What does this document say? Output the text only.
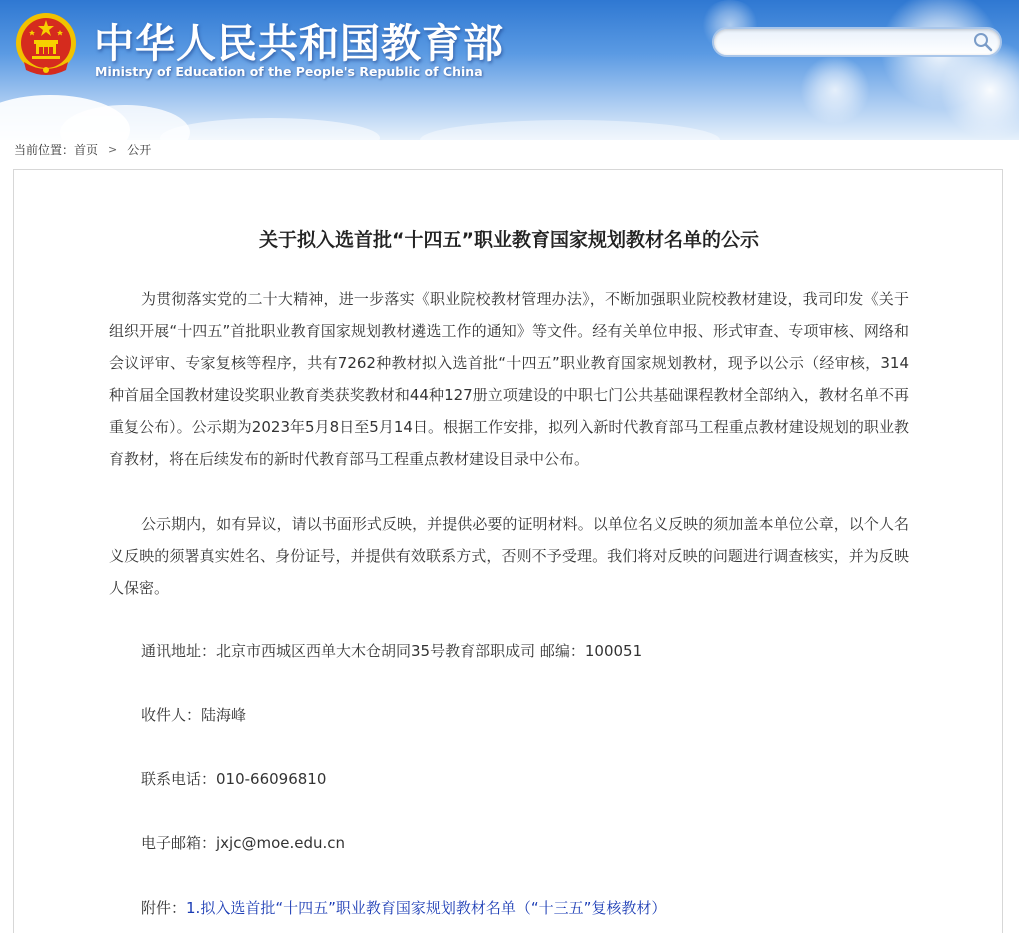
中华人民共和国教育部
Ministry of Education of the People's Republic of China
当前位置： 首页 > 公开
关于拟入选首批“十四五”职业教育国家规划教材名单的公示
为贯彻落实党的二十大精神，进一步落实《职业院校教材管理办法》，不断加强职业院校教材建设，我司印发《关于组织开展“十四五”首批职业教育国家规划教材遴选工作的通知》等文件。经有关单位申报、形式审查、专项审核、网络和会议评审、专家复核等程序，共有7262种教材拟入选首批“十四五”职业教育国家规划教材，现予以公示（经审核，314种首届全国教材建设奖职业教育类获奖教材和44种127册立项建设的中职七门公共基础课程教材全部纳入，教材名单不再重复公布）。公示期为2023年5月8日至5月14日。根据工作安排，拟列入新时代教育部马工程重点教材建设规划的职业教育教材，将在后续发布的新时代教育部马工程重点教材建设目录中公布。
公示期内，如有异议，请以书面形式反映，并提供必要的证明材料。以单位名义反映的须加盖本单位公章，以个人名义反映的须署真实姓名、身份证号，并提供有效联系方式，否则不予受理。我们将对反映的问题进行调查核实，并为反映人保密。
通讯地址：北京市西城区西单大木仓胡同35号教育部职成司 邮编：100051
收件人：陆海峰
联系电话：010-66096810
电子邮箱：jxjc@moe.edu.cn
附件：1.拟入选首批“十四五”职业教育国家规划教材名单（“十三五”复核教材）
